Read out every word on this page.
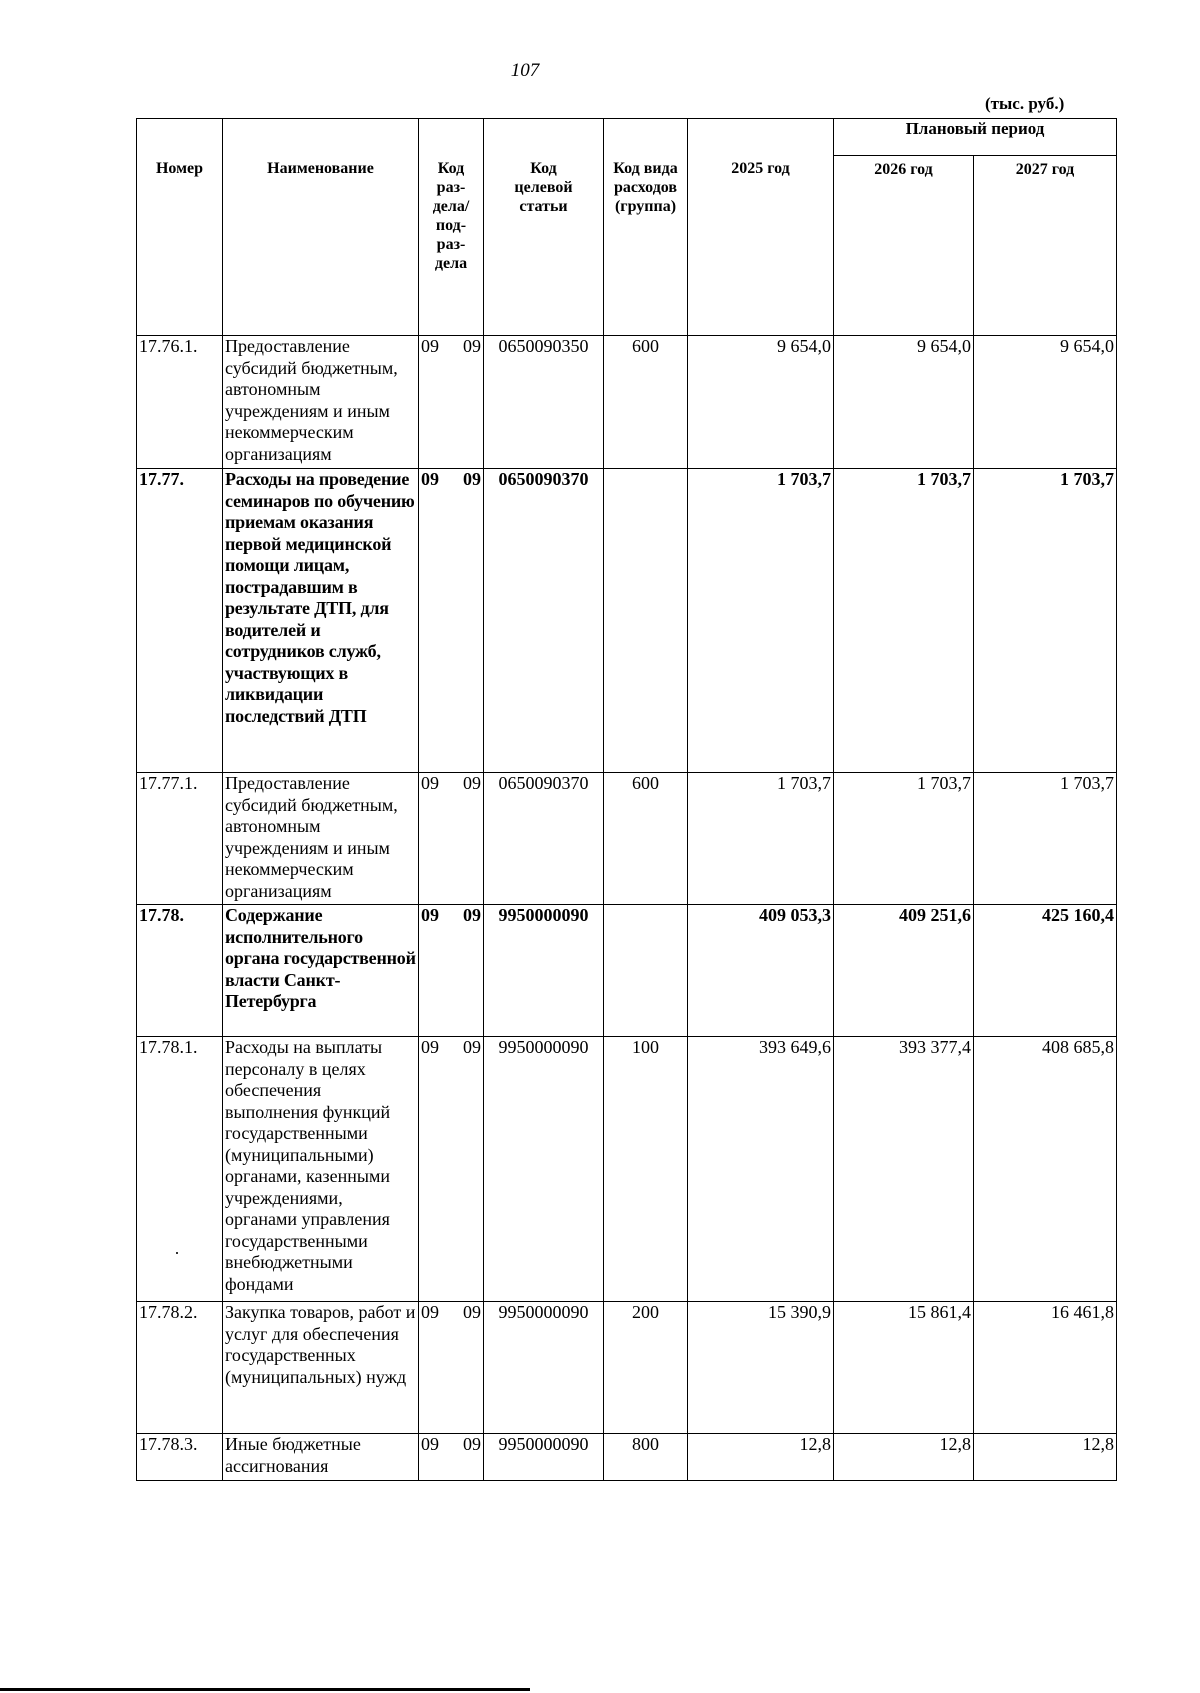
107
(тыс. руб.)
Номер	Наименование	Код раз-дела/ под-раз-дела	Код целевой статьи	Код вида расходов (группа)	2025 год	Плановый период	
						2026 год	2027 год
17.76.1.	Предоставление субсидий бюджетным, автономным учреждениям и иным некоммерческим организациям	09 09	0650090350	600	9 654,0	9 654,0	9 654,0
17.77.	Расходы на проведение семинаров по обучению приемам оказания первой медицинской помощи лицам, пострадавшим в результате ДТП, для водителей и сотрудников служб, участвующих в ликвидации последствий ДТП	09 09	0650090370		1 703,7	1 703,7	1 703,7
17.77.1.	Предоставление субсидий бюджетным, автономным учреждениям и иным некоммерческим организациям	09 09	0650090370	600	1 703,7	1 703,7	1 703,7
17.78.	Содержание исполнительного органа государственной власти Санкт-Петербурга	09 09	9950000090		409 053,3	409 251,6	425 160,4
17.78.1.	Расходы на выплаты персоналу в целях обеспечения выполнения функций государственными (муниципальными) органами, казенными учреждениями, органами управления государственными внебюджетными фондами	09 09	9950000090	100	393 649,6	393 377,4	408 685,8
17.78.2.	Закупка товаров, работ и услуг для обеспечения государственных (муниципальных) нужд	09 09	9950000090	200	15 390,9	15 861,4	16 461,8
17.78.3.	Иные бюджетные ассигнования	09 09	9950000090	800	12,8	12,8	12,8
